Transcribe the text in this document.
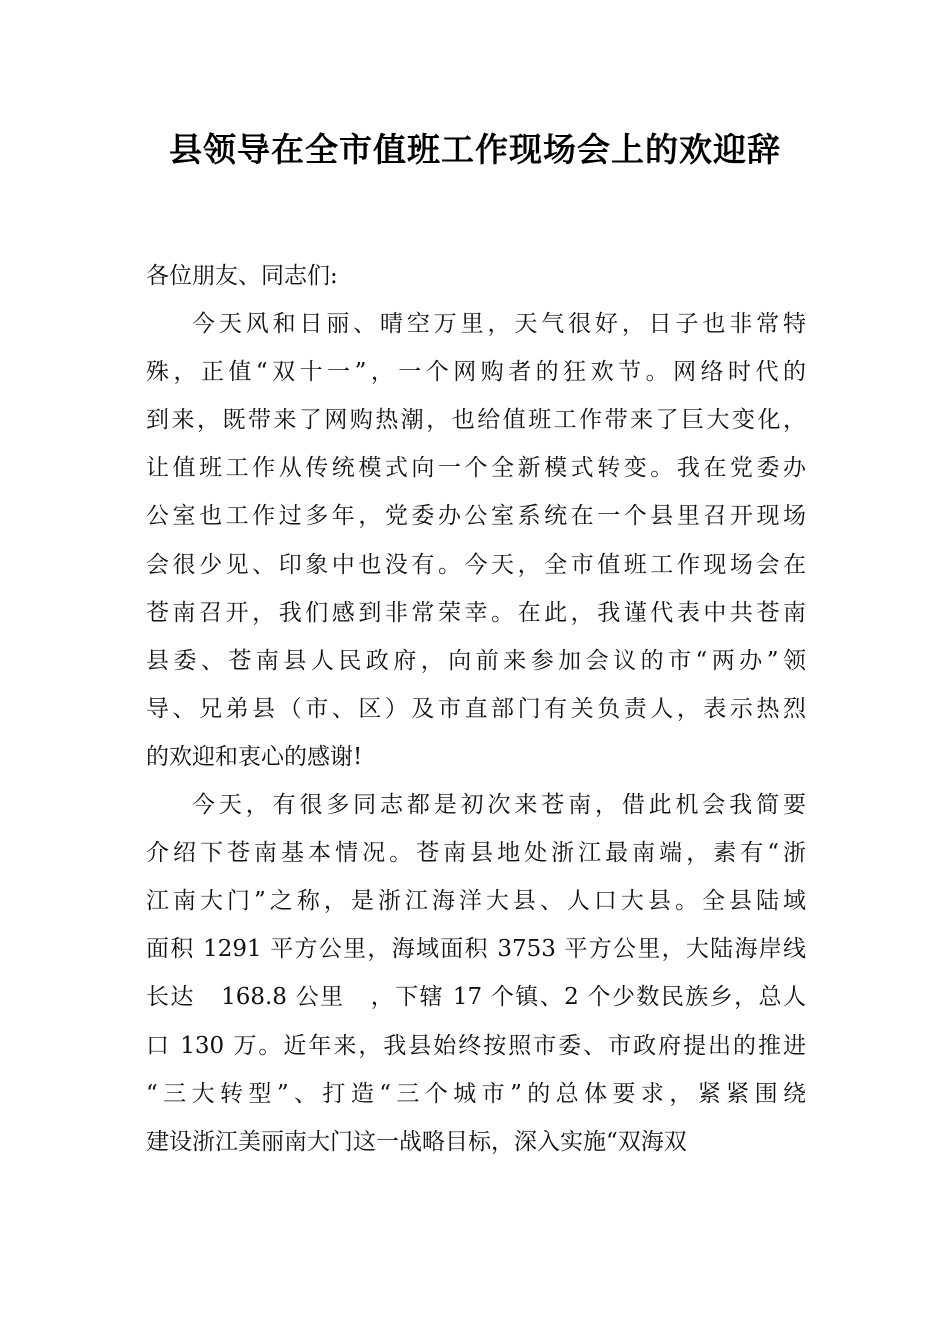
县领导在全市值班工作现场会上的欢迎辞
各位朋友、同志们:
今天风和日丽、晴空万里，天气很好，日子也非常特
殊，正值“双十一”，一个网购者的狂欢节。网络时代的
到来，既带来了网购热潮，也给值班工作带来了巨大变化，
让值班工作从传统模式向一个全新模式转变。我在党委办
公室也工作过多年，党委办公室系统在一个县里召开现场
会很少见、印象中也没有。今天，全市值班工作现场会在
苍南召开，我们感到非常荣幸。在此，我谨代表中共苍南
县委、苍南县人民政府，向前来参加会议的市“两办”领
导、兄弟县（市、区）及市直部门有关负责人，表示热烈
的欢迎和衷心的感谢!
今天，有很多同志都是初次来苍南，借此机会我简要
介绍下苍南基本情况。苍南县地处浙江最南端，素有“浙
江南大门”之称，是浙江海洋大县、人口大县。全县陆域
面积 1291 平方公里，海域面积 3753 平方公里，大陆海岸线
长达   168.8 公里   ，下辖 17 个镇、2 个少数民族乡，总人
口 130 万。近年来，我县始终按照市委、市政府提出的推进
“三大转型”、打造“三个城市”的总体要求，紧紧围绕
建设浙江美丽南大门这一战略目标，深入实施“双海双
